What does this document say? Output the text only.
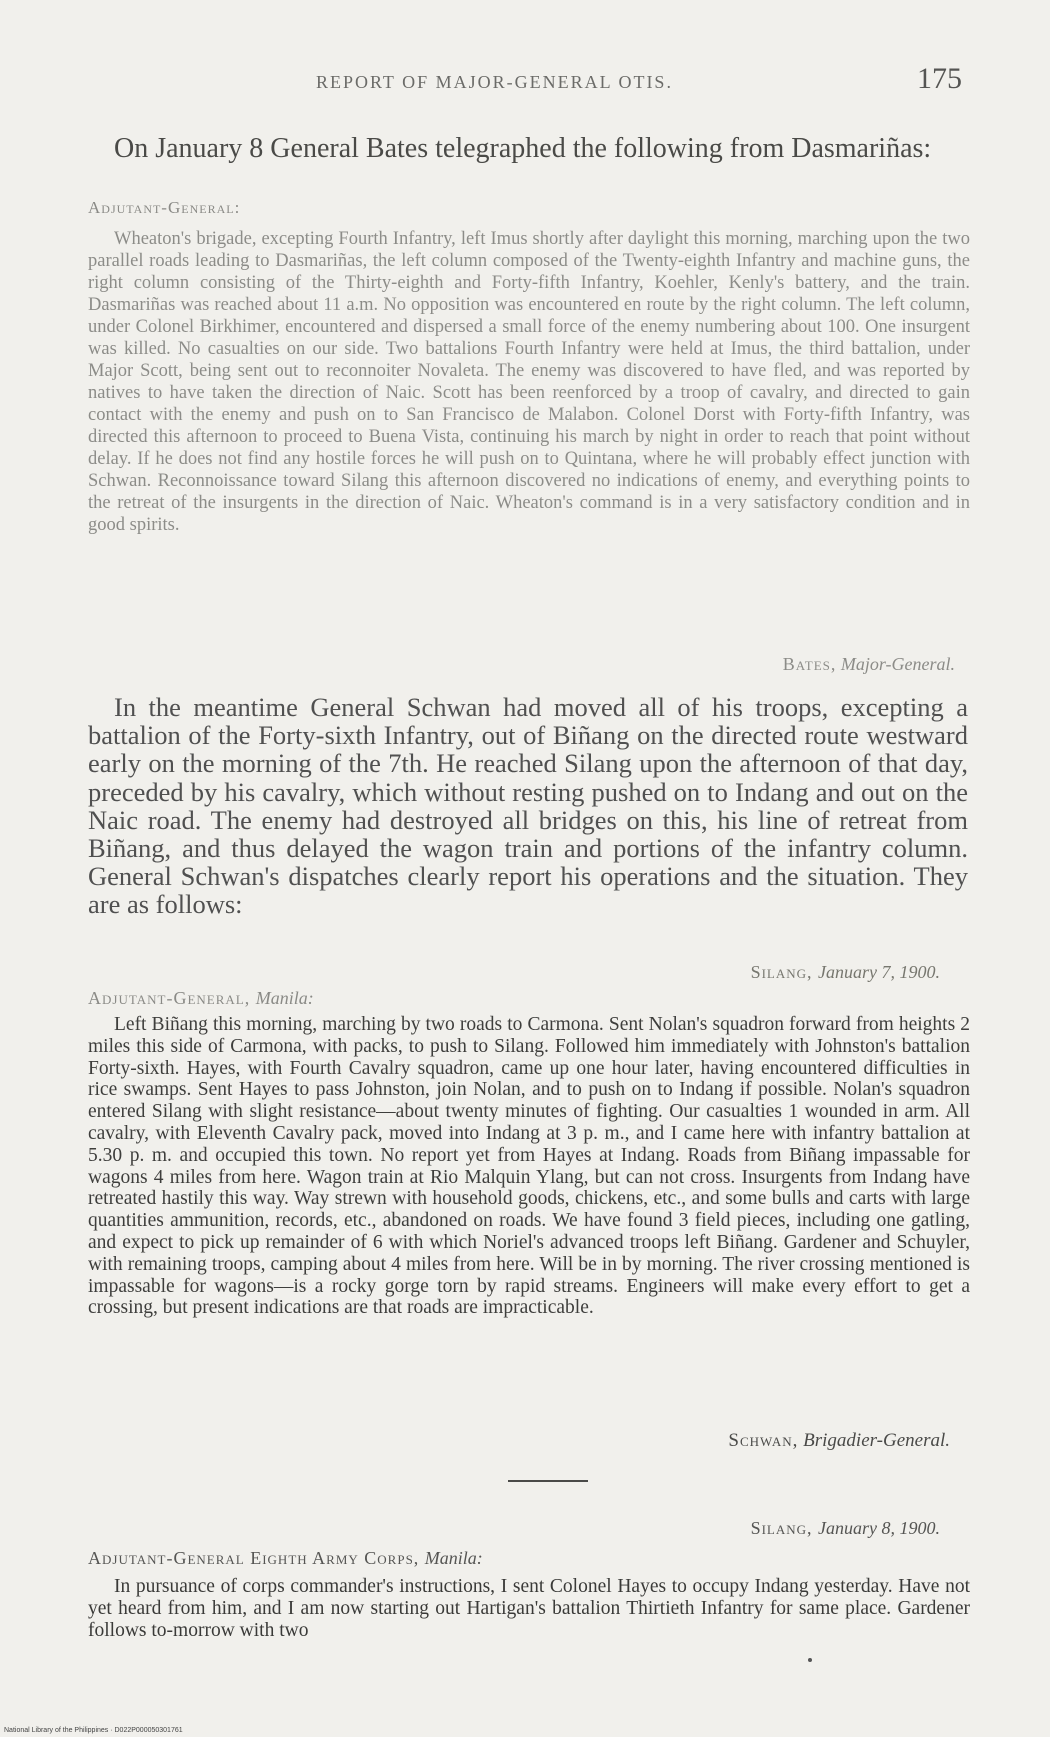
REPORT OF MAJOR-GENERAL OTIS.	175

On January 8 General Bates telegraphed the following from Dasmariñas:

Adjutant-General:

Wheaton's brigade, excepting Fourth Infantry, left Imus shortly after daylight this morning, marching upon the two parallel roads leading to Dasmariñas, the left column composed of the Twenty-eighth Infantry and machine guns, the right column consisting of the Thirty-eighth and Forty-fifth Infantry, Koehler, Kenly's battery, and the train. Dasmariñas was reached about 11 a.m. No opposition was encountered en route by the right column. The left column, under Colonel Birkhimer, encountered and dispersed a small force of the enemy numbering about 100. One insurgent was killed. No casualties on our side. Two battalions Fourth Infantry were held at Imus, the third battalion, under Major Scott, being sent out to reconnoiter Novaleta. The enemy was discovered to have fled, and was reported by natives to have taken the direction of Naic. Scott has been reenforced by a troop of cavalry, and directed to gain contact with the enemy and push on to San Francisco de Malabon. Colonel Dorst with Forty-fifth Infantry, was directed this afternoon to proceed to Buena Vista, continuing his march by night in order to reach that point without delay. If he does not find any hostile forces he will push on to Quintana, where he will probably effect junction with Schwan. Reconnoissance toward Silang this afternoon discovered no indications of enemy, and everything points to the retreat of the insurgents in the direction of Naic. Wheaton's command is in a very satisfactory condition and in good spirits.

Bates, Major-General.

In the meantime General Schwan had moved all of his troops, excepting a battalion of the Forty-sixth Infantry, out of Biñang on the directed route westward early on the morning of the 7th. He reached Silang upon the afternoon of that day, preceded by his cavalry, which without resting pushed on to Indang and out on the Naic road. The enemy had destroyed all bridges on this, his line of retreat from Biñang, and thus delayed the wagon train and portions of the infantry column. General Schwan's dispatches clearly report his operations and the situation. They are as follows:

Silang, January 7, 1900.
Adjutant-General, Manila:

Left Biñang this morning, marching by two roads to Carmona. Sent Nolan's squadron forward from heights 2 miles this side of Carmona, with packs, to push to Silang. Followed him immediately with Johnston's battalion Forty-sixth. Hayes, with Fourth Cavalry squadron, came up one hour later, having encountered difficulties in rice swamps. Sent Hayes to pass Johnston, join Nolan, and to push on to Indang if possible. Nolan's squadron entered Silang with slight resistance—about twenty minutes of fighting. Our casualties 1 wounded in arm. All cavalry, with Eleventh Cavalry pack, moved into Indang at 3 p. m., and I came here with infantry battalion at 5.30 p. m. and occupied this town. No report yet from Hayes at Indang. Roads from Biñang impassable for wagons 4 miles from here. Wagon train at Rio Malquin Ylang, but can not cross. Insurgents from Indang have retreated hastily this way. Way strewn with household goods, chickens, etc., and some bulls and carts with large quantities ammunition, records, etc., abandoned on roads. We have found 3 field pieces, including one gatling, and expect to pick up remainder of 6 with which Noriel's advanced troops left Biñang. Gardener and Schuyler, with remaining troops, camping about 4 miles from here. Will be in by morning. The river crossing mentioned is impassable for wagons—is a rocky gorge torn by rapid streams. Engineers will make every effort to get a crossing, but present indications are that roads are impracticable.

Schwan, Brigadier-General.
Silang, January 8, 1900.
Adjutant-General Eighth Army Corps, Manila:

In pursuance of corps commander's instructions, I sent Colonel Hayes to occupy Indang yesterday. Have not yet heard from him, and I am now starting out Hartigan's battalion Thirtieth Infantry for same place. Gardener follows to-morrow with two

National Library of the Philippines · D022P000050301761
